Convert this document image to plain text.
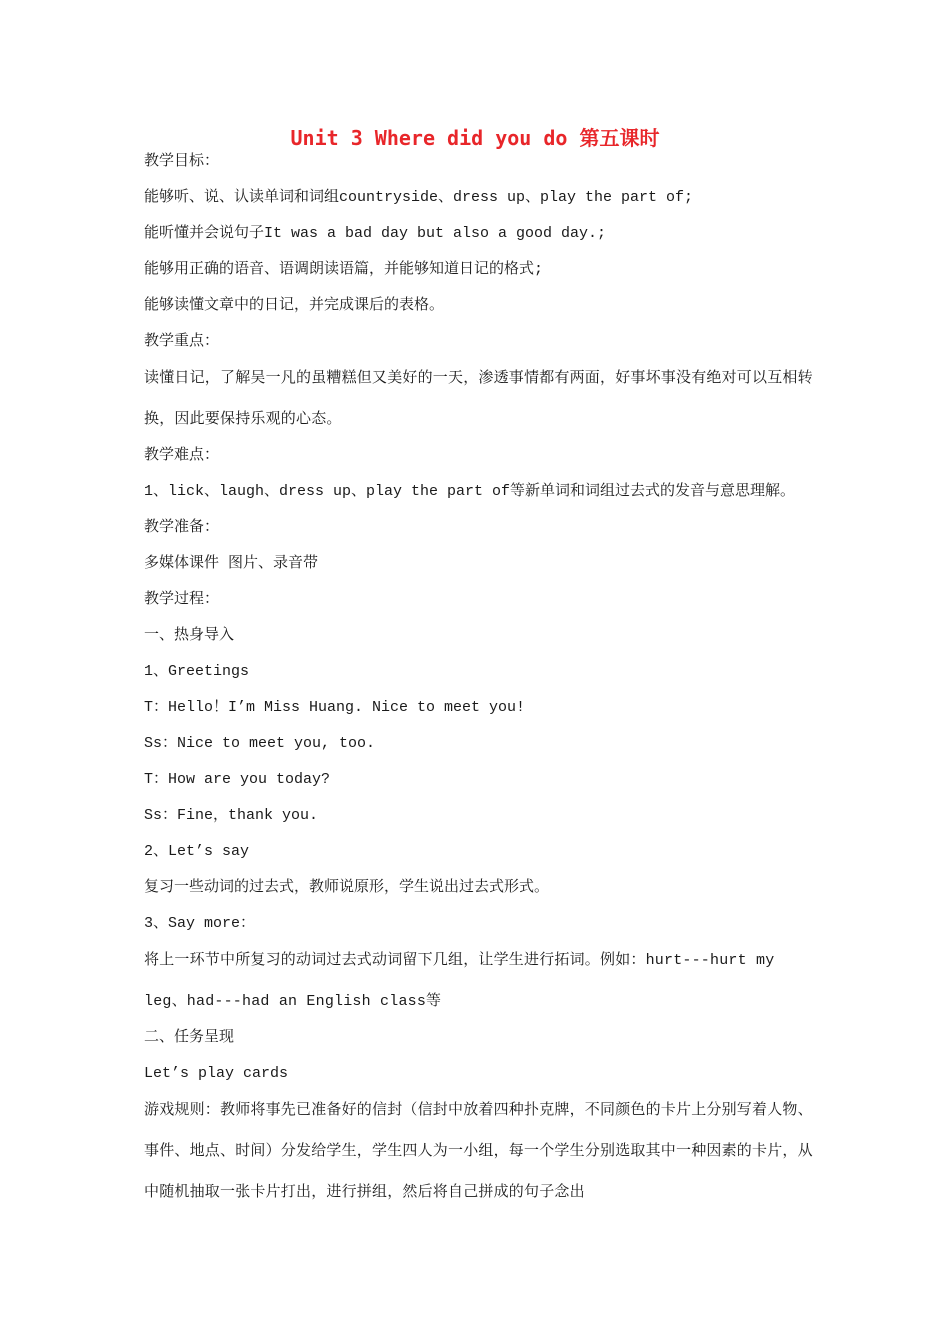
Unit 3 Where did you do 第五课时
教学目标：
能够听、说、认读单词和词组countryside、dress up、play the part of;
能听懂并会说句子It was a bad day but also a good day.;
能够用正确的语音、语调朗读语篇，并能够知道日记的格式;
能够读懂文章中的日记，并完成课后的表格。
教学重点：
读懂日记，了解吴一凡的虽糟糕但又美好的一天，渗透事情都有两面，好事坏事没有绝对可以互相转换，因此要保持乐观的心态。
教学难点：
1、lick、laugh、dress up、play the part of等新单词和词组过去式的发音与意思理解。
教学准备：
多媒体课件 图片、录音带
教学过程：
一、热身导入
1、Greetings
T：Hello！I’m Miss Huang. Nice to meet you!
Ss：Nice to meet you, too.
T：How are you today?
Ss：Fine，thank you.
2、Let’s say
复习一些动词的过去式，教师说原形，学生说出过去式形式。
3、Say more：
将上一环节中所复习的动词过去式动词留下几组，让学生进行拓词。例如：hurt---hurt my leg、had---had an English class等
二、任务呈现
Let’s play cards
游戏规则：教师将事先已准备好的信封（信封中放着四种扑克牌，不同颜色的卡片上分别写着人物、事件、地点、时间）分发给学生，学生四人为一小组，每一个学生分别选取其中一种因素的卡片，从中随机抽取一张卡片打出，进行拼组，然后将自己拼成的句子念出
